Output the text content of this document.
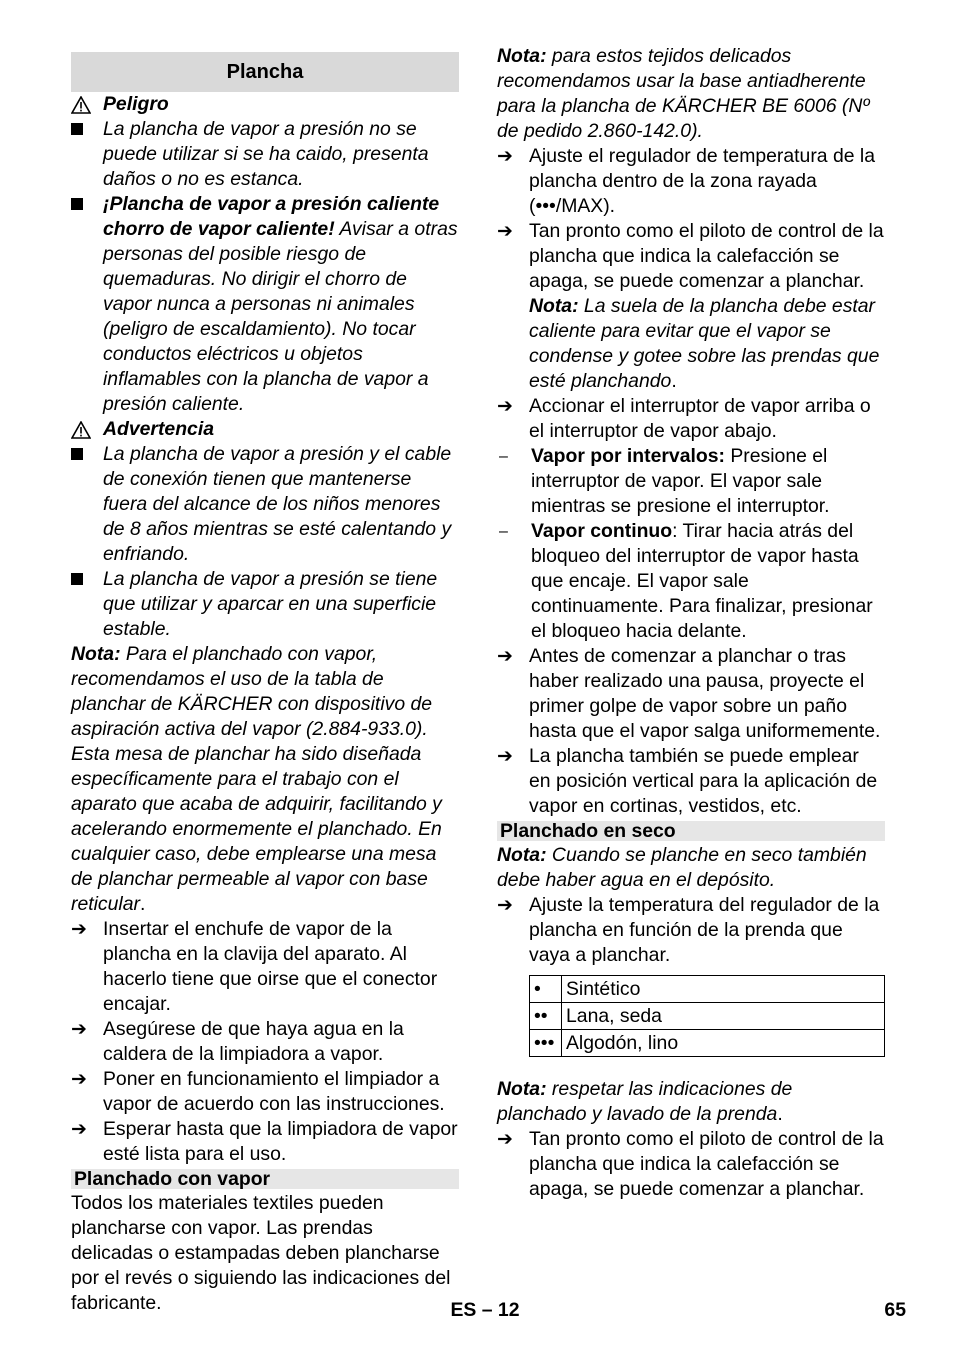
Plancha
Peligro
La plancha de vapor a presión no se puede utilizar si se ha caido, presenta daños o no es estanca.
¡Plancha de vapor a presión caliente chorro de vapor caliente! Avisar a otras personas del posible riesgo de quemaduras. No dirigir el chorro de vapor nunca a personas ni animales (peligro de escaldamiento). No tocar conductos eléctricos u objetos inflamables con la plancha de vapor a presión caliente.
Advertencia
La plancha de vapor a presión y el cable de conexión tienen que mantenerse fuera del alcance de los niños menores de 8 años mientras se esté calentando y enfriando.
La plancha de vapor a presión se tiene que utilizar y aparcar en una superficie estable.

Nota: Para el planchado con vapor, recomendamos el uso de la tabla de planchar de KÄRCHER con dispositivo de aspiración activa del vapor (2.884-933.0). Esta mesa de planchar ha sido diseñada específicamente para el trabajo con el aparato que acaba de adquirir, facilitando y acelerando enormemente el planchado. En cualquier caso, debe emplearse una mesa de planchar permeable al vapor con base reticular.

➔ Insertar el enchufe de vapor de la plancha en la clavija del aparato. Al hacerlo tiene que oirse que el conector encajar.
➔ Asegúrese de que haya agua en la caldera de la limpiadora a vapor.
➔ Poner en funcionamiento el limpiador a vapor de acuerdo con las instrucciones.
➔ Esperar hasta que la limpiadora de vapor esté lista para el uso.
Planchado con vapor

Todos los materiales textiles pueden plancharse con vapor. Las prendas delicadas o estampadas deben plancharse por el revés o siguiendo las indicaciones del fabricante.

Nota: para estos tejidos delicados recomendamos usar la base antiadherente para la plancha de KÄRCHER BE 6006 (Nº de pedido 2.860-142.0).

➔ Ajuste el regulador de temperatura de la plancha dentro de la zona rayada (•••/MAX).
➔ Tan pronto como el piloto de control de la plancha que indica la calefacción se apaga, se puede comenzar a planchar.
Nota: La suela de la plancha debe estar caliente para evitar que el vapor se condense y gotee sobre las prendas que esté planchando.
➔ Accionar el interruptor de vapor arriba o el interruptor de vapor abajo.
–	Vapor por intervalos: Presione el interruptor de vapor. El vapor sale mientras se presione el interruptor.
–	Vapor continuo: Tirar hacia atrás del bloqueo del interruptor de vapor hasta que encaje. El vapor sale continuamente. Para finalizar, presionar el bloqueo hacia delante.
➔ Antes de comenzar a planchar o tras haber realizado una pausa, proyecte el primer golpe de vapor sobre un paño hasta que el vapor salga uniformemente.
➔ La plancha también se puede emplear en posición vertical para la aplicación de vapor en cortinas, vestidos, etc.
Planchado en seco

Nota: Cuando se planche en seco también debe haber agua en el depósito.

➔ Ajuste la temperatura del regulador de la plancha en función de la prenda que vaya a planchar.
•	Sintético
••	Lana, seda
•••	Algodón, lino

Nota: respetar las indicaciones de planchado y lavado de la prenda.

➔ Tan pronto como el piloto de control de la plancha que indica la calefacción se apaga, se puede comenzar a planchar.
ES – 12	65
